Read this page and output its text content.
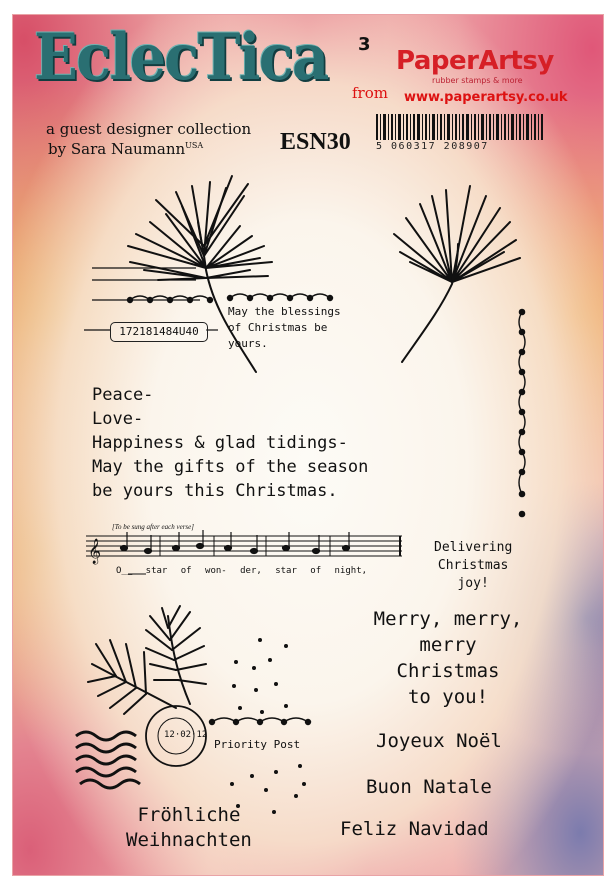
𝄞
EclecTica 3
from
PaperArtsy
rubber stamps & more
www.paperartsy.co.uk
a guest designer collection
by Sara Naumann$^{USA}$	ESN30	5 060317 208907
172181484U40
May the blessings
of Christmas be
yours.
Peace-
Love-
Happiness & glad tidings-
May the gifts of the season
be yours this Christmas.
[To be sung after each verse]
O__ star of won- der, star of night,
Delivering
Christmas
joy!
Merry, merry,
merry
Christmas
to you!
Joyeux Noël
Buon Natale
Feliz Navidad
Fröhliche
Weihnachten
Priority Post
12·02·12
